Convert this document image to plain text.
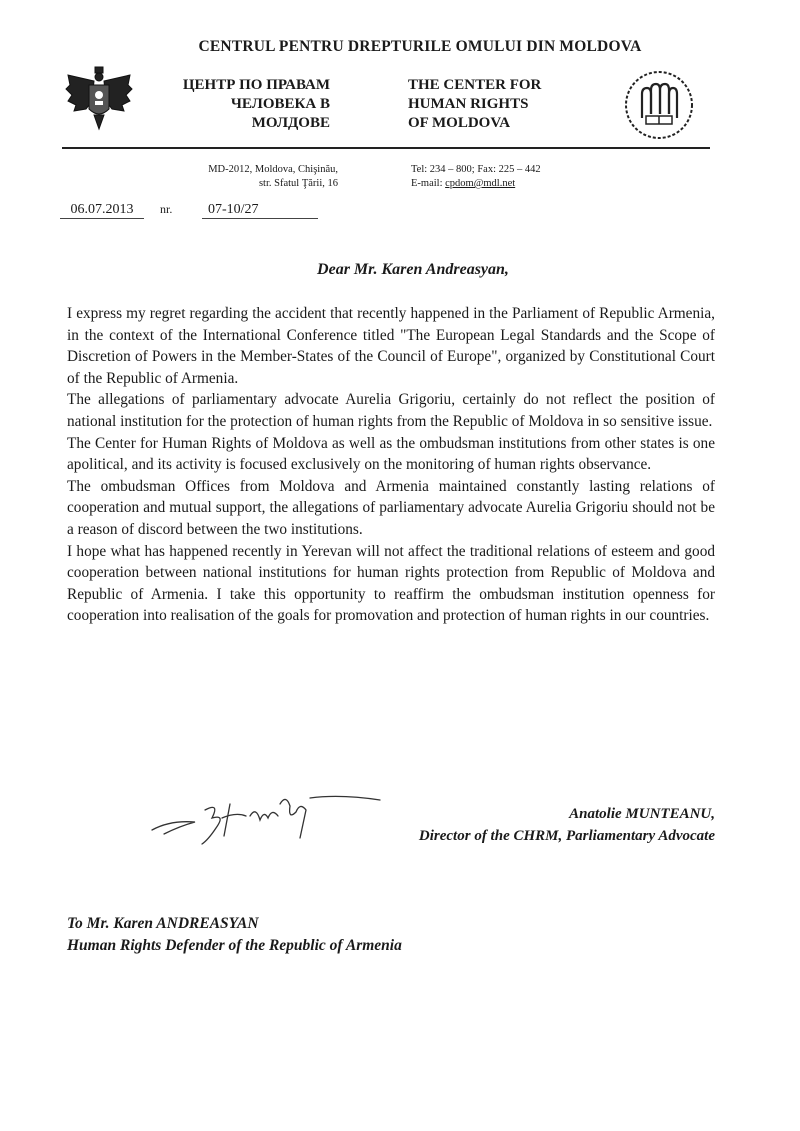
CENTRUL PENTRU DREPTURILE OMULUI DIN MOLDOVA
ЦЕНТР ПО ПРАВАМ
ЧЕЛОВЕКА В
МОЛДОВЕ
THE CENTER FOR
HUMAN RIGHTS
OF MOLDOVA
MD-2012, Moldova, Chişinău,
str. Sfatul Ţării, 16
Tel: 234 – 800; Fax: 225 – 442
E-mail: cpdom@mdl.net
06.07.2013	nr.	07-10/27
Dear Mr. Karen Andreasyan,

I express my regret regarding the accident that recently happened in the Parliament of Republic Armenia, in the context of the International Conference titled "The European Legal Standards and the Scope of Discretion of Powers in the Member-States of the Council of Europe", organized by Constitutional Court of the Republic of Armenia.

The allegations of parliamentary advocate Aurelia Grigoriu, certainly do not reflect the position of national institution for the protection of human rights from the Republic of Moldova in so sensitive issue.

The Center for Human Rights of Moldova as well as the ombudsman institutions from other states is one apolitical, and its activity is focused exclusively on the monitoring of human rights observance.

The ombudsman Offices from Moldova and Armenia maintained constantly lasting relations of cooperation and mutual support, the allegations of parliamentary advocate Aurelia Grigoriu should not be a reason of discord between the two institutions.

I hope what has happened recently in Yerevan will not affect the traditional relations of esteem and good cooperation between national institutions for human rights protection from Republic of Moldova and Republic of Armenia. I take this opportunity to reaffirm the ombudsman institution openness for cooperation into realisation of the goals for promovation and protection of human rights in our countries.

Anatolie MUNTEANU,
Director of the CHRM, Parliamentary Advocate
To Mr. Karen ANDREASYAN
Human Rights Defender of the Republic of Armenia
